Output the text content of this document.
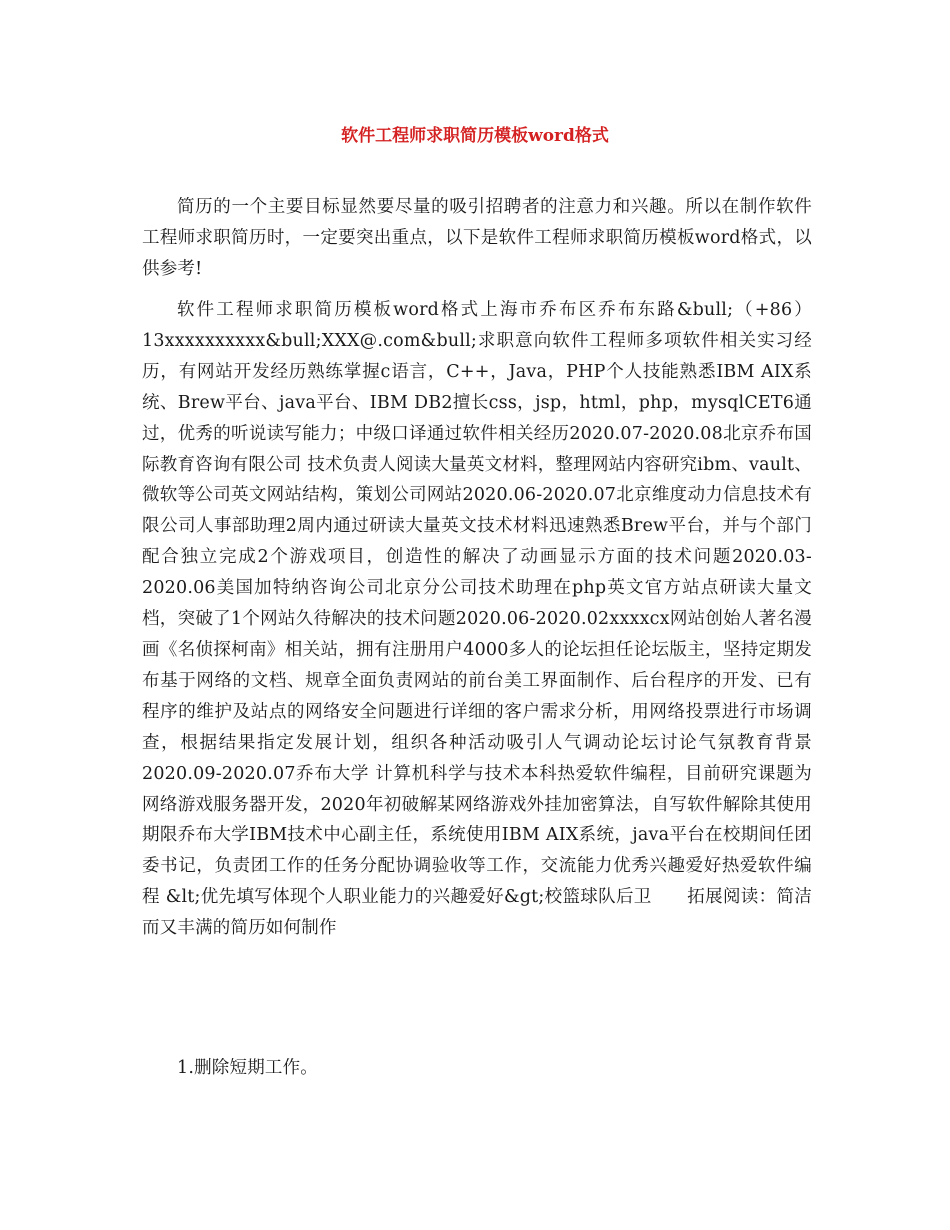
软件工程师求职简历模板word格式

简历的一个主要目标显然要尽量的吸引招聘者的注意力和兴趣。所以在制作软件工程师求职简历时，一定要突出重点，以下是软件工程师求职简历模板word格式，以供参考!

软件工程师求职简历模板word格式上海市乔布区乔布东路&bull;（+86）13xxxxxxxxxx&bull;XXX@.com&bull;求职意向软件工程师多项软件相关实习经历，有网站开发经历熟练掌握c语言，C++，Java，PHP个人技能熟悉IBM AIX系统、Brew平台、java平台、IBM DB2擅长css，jsp，html，php，mysqlCET6通过，优秀的听说读写能力；中级口译通过软件相关经历2020.07-2020.08北京乔布国际教育咨询有限公司 技术负责人阅读大量英文材料，整理网站内容研究ibm、vault、微软等公司英文网站结构，策划公司网站2020.06-2020.07北京维度动力信息技术有限公司人事部助理2周内通过研读大量英文技术材料迅速熟悉Brew平台，并与个部门配合独立完成2个游戏项目，创造性的解决了动画显示方面的技术问题2020.03-2020.06美国加特纳咨询公司北京分公司技术助理在php英文官方站点研读大量文档，突破了1个网站久待解决的技术问题2020.06-2020.02xxxxcx网站创始人著名漫画《名侦探柯南》相关站，拥有注册用户4000多人的论坛担任论坛版主，坚持定期发布基于网络的文档、规章全面负责网站的前台美工界面制作、后台程序的开发、已有程序的维护及站点的网络安全问题进行详细的客户需求分析，用网络投票进行市场调查，根据结果指定发展计划，组织各种活动吸引人气调动论坛讨论气氛教育背景2020.09-2020.07乔布大学 计算机科学与技术本科热爱软件编程，目前研究课题为网络游戏服务器开发，2020年初破解某网络游戏外挂加密算法，自写软件解除其使用期限乔布大学IBM技术中心副主任，系统使用IBM AIX系统，java平台在校期间任团委书记，负责团工作的任务分配协调验收等工作，交流能力优秀兴趣爱好热爱软件编程 &lt;优先填写体现个人职业能力的兴趣爱好&gt;校篮球队后卫　　拓展阅读：简洁而又丰满的简历如何制作

1.删除短期工作。
